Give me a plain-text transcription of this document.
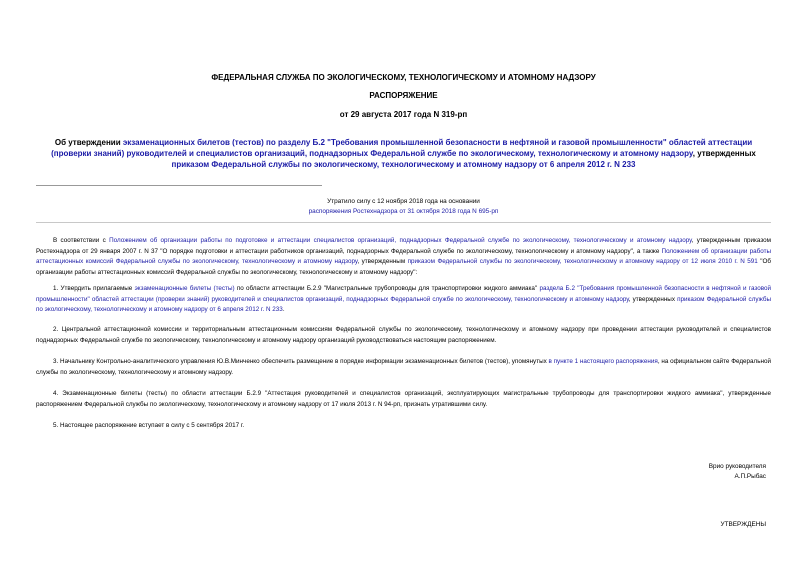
ФЕДЕРАЛЬНАЯ СЛУЖБА ПО ЭКОЛОГИЧЕСКОМУ, ТЕХНОЛОГИЧЕСКОМУ И АТОМНОМУ НАДЗОРУ
РАСПОРЯЖЕНИЕ
от 29 августа 2017 года N 319-рп
Об утверждении экзаменационных билетов (тестов) по разделу Б.2 "Требования промышленной безопасности в нефтяной и газовой промышленности" областей аттестации (проверки знаний) руководителей и специалистов организаций, поднадзорных Федеральной службе по экологическому, технологическому и атомному надзору, утвержденных приказом Федеральной службы по экологическому, технологическому и атомному надзору от 6 апреля 2012 г. N 233
Утратило силу с 12 ноября 2018 года на основании
распоряжения Ростехнадзора от 31 октября 2018 года N 695-рп
В соответствии с Положением об организации работы по подготовке и аттестации специалистов организаций, поднадзорных Федеральной службе по экологическому, технологическому и атомному надзору, утвержденным приказом Ростехнадзора от 29 января 2007 г. N 37 "О порядке подготовки и аттестации работников организаций, поднадзорных Федеральной службе по экологическому, технологическому и атомному надзору", а также Положением об организации работы аттестационных комиссий Федеральной службы по экологическому, технологическому и атомному надзору, утвержденным приказом Федеральной службы по экологическому, технологическому и атомному надзору от 12 июля 2010 г. N 591 "Об организации работы аттестационных комиссий Федеральной службы по экологическому, технологическому и атомному надзору":
1. Утвердить прилагаемые экзаменационные билеты (тесты) по области аттестации Б.2.9 "Магистральные трубопроводы для транспортировки жидкого аммиака" раздела Б.2 "Требования промышленной безопасности в нефтяной и газовой промышленности" областей аттестации (проверки знаний) руководителей и специалистов организаций, поднадзорных Федеральной службе по экологическому, технологическому и атомному надзору, утвержденных приказом Федеральной службы по экологическому, технологическому и атомному надзору от 6 апреля 2012 г. N 233.
2. Центральной аттестационной комиссии и территориальным аттестационным комиссиям Федеральной службы по экологическому, технологическому и атомному надзору при проведении аттестации руководителей и специалистов поднадзорных Федеральной службе по экологическому, технологическому и атомному надзору организаций руководствоваться настоящим распоряжением.
3. Начальнику Контрольно-аналитического управления Ю.В.Минченко обеспечить размещение в порядке информации экзаменационных билетов (тестов), упомянутых в пункте 1 настоящего распоряжения, на официальном сайте Федеральной службы по экологическому, технологическому и атомному надзору.
4. Экзаменационные билеты (тесты) по области аттестации Б.2.9 "Аттестация руководителей и специалистов организаций, эксплуатирующих магистральные трубопроводы для транспортировки жидкого аммиака", утвержденные распоряжением Федеральной службы по экологическому, технологическому и атомному надзору от 17 июля 2013 г. N 94-рп, признать утратившими силу.
5. Настоящее распоряжение вступает в силу с 5 сентября 2017 г.
Врио руководителя
А.П.Рыбас
УТВЕРЖДЕНЫ
